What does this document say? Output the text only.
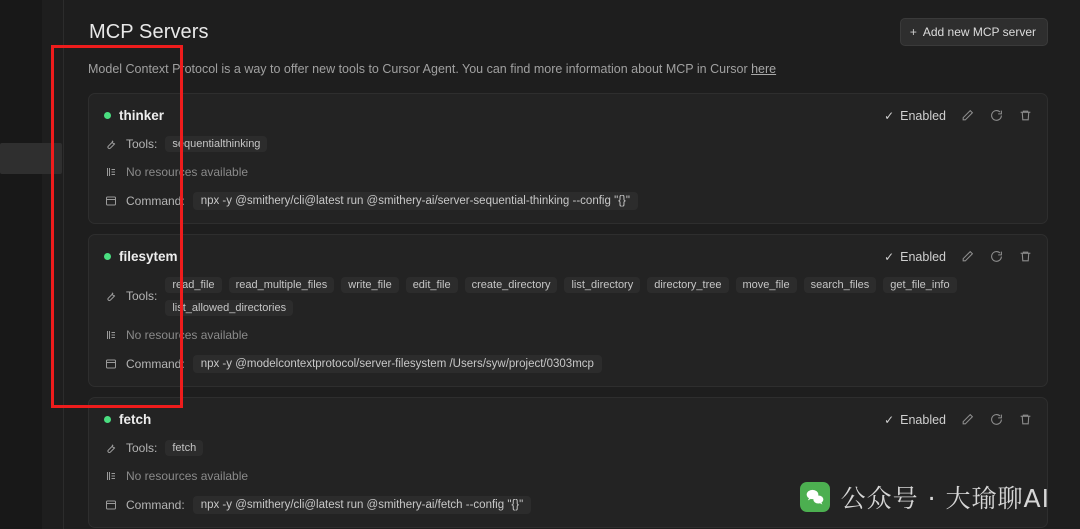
MCP Servers	+ Add new MCP server
Model Context Protocol is a way to offer new tools to Cursor Agent. You can find more information about MCP in Cursor here
thinker	✓ Enabled
Tools:	sequentialthinking
No resources available
Command:	npx -y @smithery/cli@latest run @smithery-ai/server-sequential-thinking --config "{}"
filesytem	✓ Enabled
Tools:
read_file	read_multiple_files	write_file	edit_file	create_directory	list_directory	directory_tree	move_file	search_files	get_file_info
list_allowed_directories
No resources available
Command:	npx -y @modelcontextprotocol/server-filesystem /Users/syw/project/0303mcp
fetch	✓ Enabled
Tools:	fetch
No resources available
Command:	npx -y @smithery/cli@latest run @smithery-ai/fetch --config "{}"	公众号 · 大瑜聊AI
